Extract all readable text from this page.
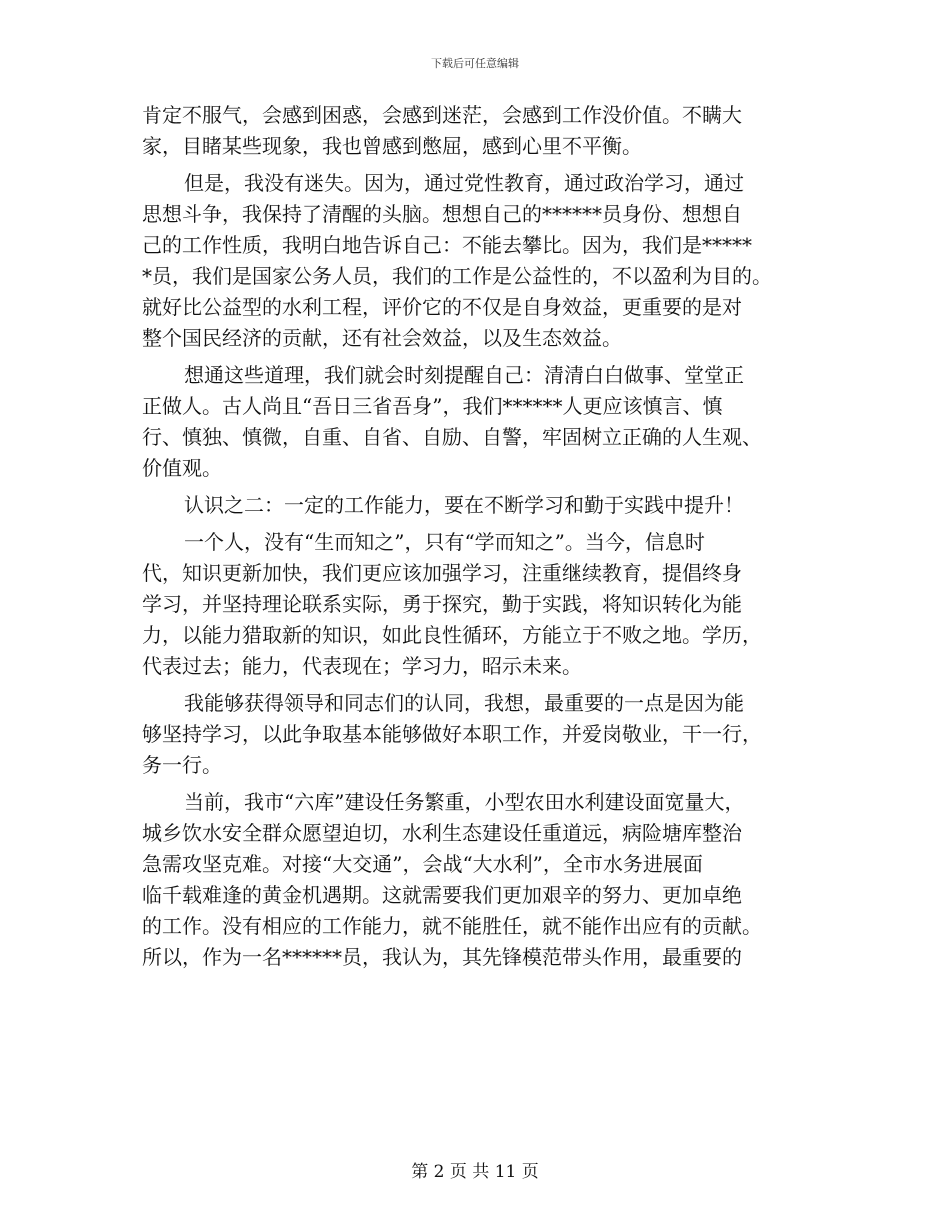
下载后可任意编辑
肯定不服气，会感到困惑，会感到迷茫，会感到工作没价值。不瞒大
家，目睹某些现象，我也曾感到憋屈，感到心里不平衡。
但是，我没有迷失。因为，通过党性教育，通过政治学习，通过
思想斗争，我保持了清醒的头脑。想想自己的******员身份、想想自
己的工作性质，我明白地告诉自己：不能去攀比。因为，我们是*****
*员，我们是国家公务人员，我们的工作是公益性的，不以盈利为目的。
就好比公益型的水利工程，评价它的不仅是自身效益，更重要的是对
整个国民经济的贡献，还有社会效益，以及生态效益。
想通这些道理，我们就会时刻提醒自己：清清白白做事、堂堂正
正做人。古人尚且“吾日三省吾身”，我们******人更应该慎言、慎
行、慎独、慎微，自重、自省、自励、自警，牢固树立正确的人生观、
价值观。
认识之二：一定的工作能力，要在不断学习和勤于实践中提升！
一个人，没有“生而知之”，只有“学而知之”。当今，信息时
代，知识更新加快，我们更应该加强学习，注重继续教育，提倡终身
学习，并坚持理论联系实际，勇于探究，勤于实践，将知识转化为能
力，以能力猎取新的知识，如此良性循环，方能立于不败之地。学历，
代表过去；能力，代表现在；学习力，昭示未来。
我能够获得领导和同志们的认同，我想，最重要的一点是因为能
够坚持学习，以此争取基本能够做好本职工作，并爱岗敬业，干一行，
务一行。
当前，我市“六库”建设任务繁重，小型农田水利建设面宽量大，
城乡饮水安全群众愿望迫切，水利生态建设任重道远，病险塘库整治
急需攻坚克难。对接“大交通”，会战“大水利”，全市水务进展面
临千载难逢的黄金机遇期。这就需要我们更加艰辛的努力、更加卓绝
的工作。没有相应的工作能力，就不能胜任，就不能作出应有的贡献。
所以，作为一名******员，我认为，其先锋模范带头作用，最重要的
第 2 页 共 11 页
